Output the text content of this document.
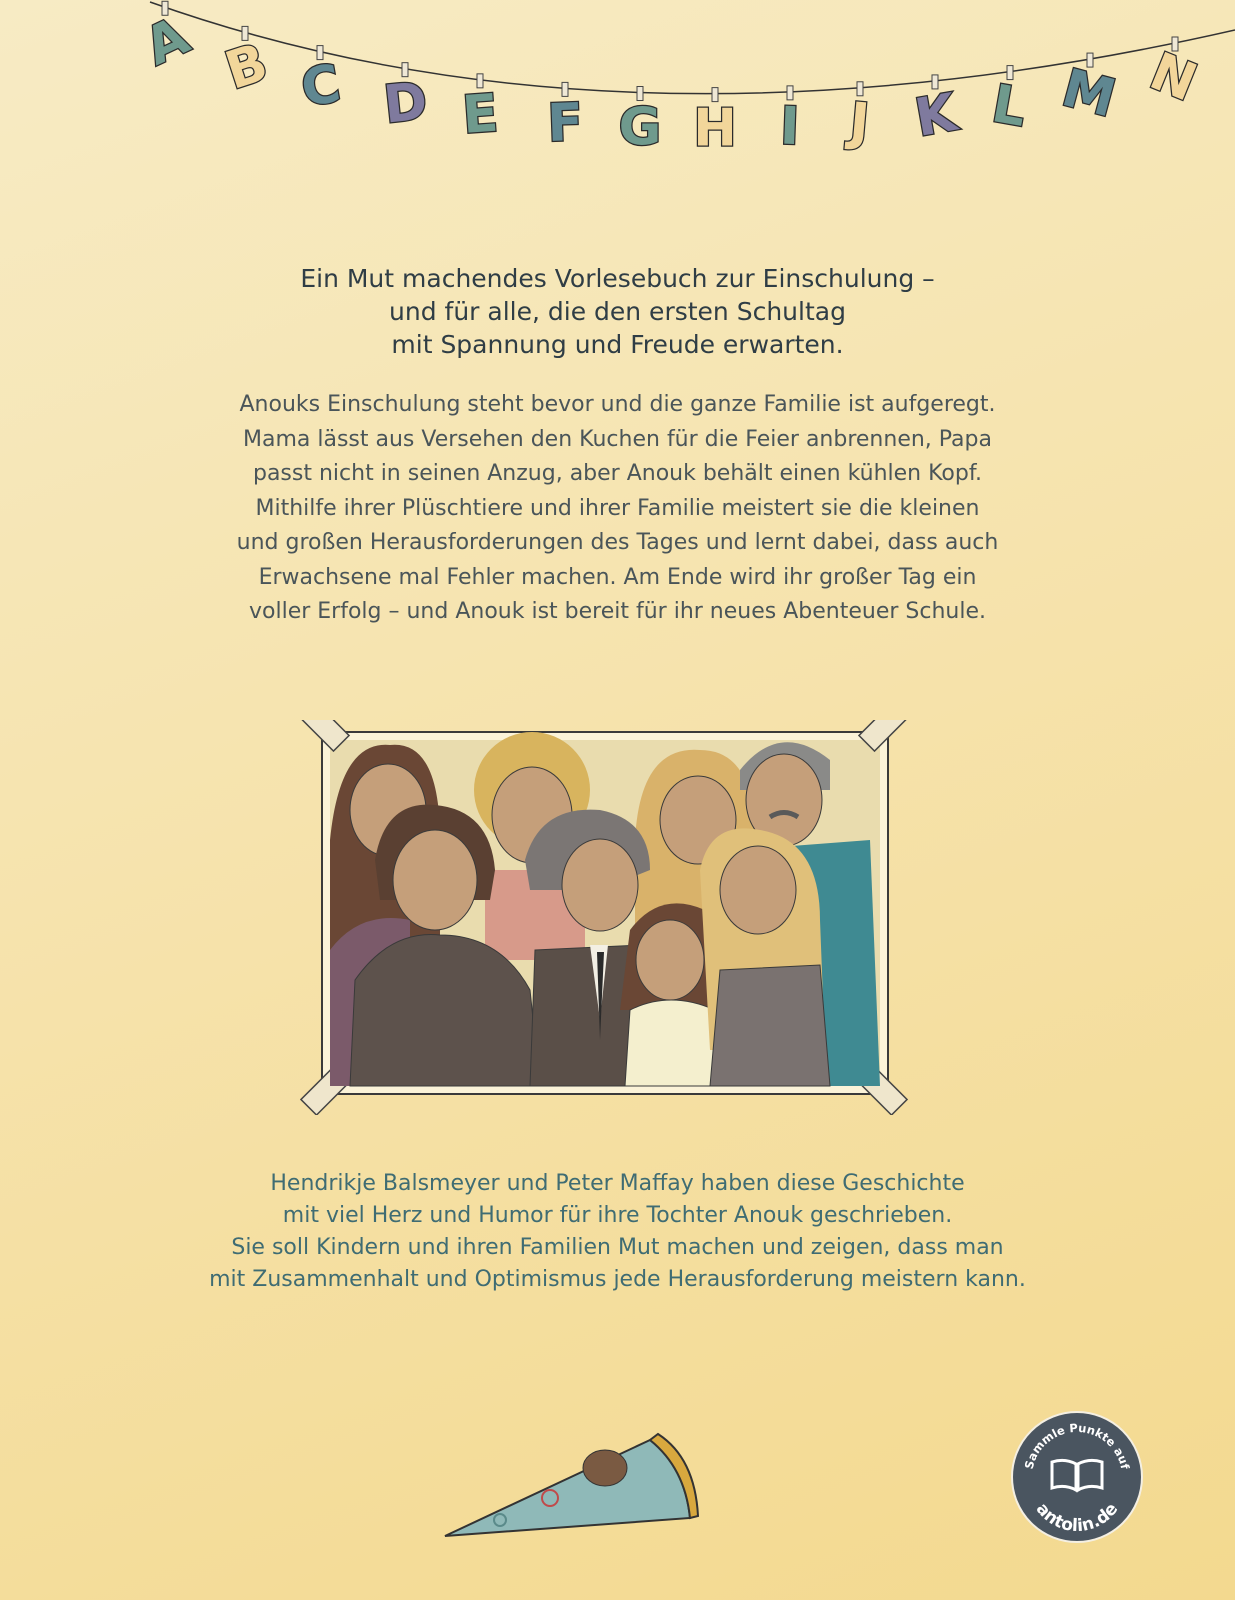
A B C D E F G H I J K L M N
Ein Mut machendes Vorlesebuch zur Einschulung –
und für alle, die den ersten Schultag
mit Spannung und Freude erwarten.
Anouks Einschulung steht bevor und die ganze Familie ist aufgeregt.
Mama lässt aus Versehen den Kuchen für die Feier anbrennen, Papa
passt nicht in seinen Anzug, aber Anouk behält einen kühlen Kopf.
Mithilfe ihrer Plüschtiere und ihrer Familie meistert sie die kleinen
und großen Herausforderungen des Tages und lernt dabei, dass auch
Erwachsene mal Fehler machen. Am Ende wird ihr großer Tag ein
voller Erfolg – und Anouk ist bereit für ihr neues Abenteuer Schule.
Hendrikje Balsmeyer und Peter Maffay haben diese Geschichte
mit viel Herz und Humor für ihre Tochter Anouk geschrieben.
Sie soll Kindern und ihren Familien Mut machen und zeigen, dass man
mit Zusammenhalt und Optimismus jede Herausforderung meistern kann.
Sammle Punkte auf
antolin.de
